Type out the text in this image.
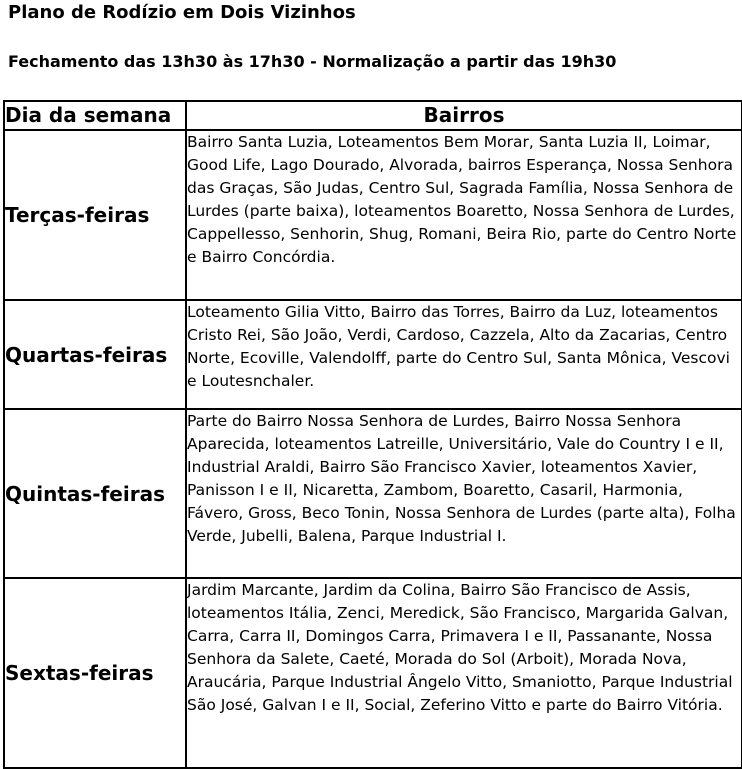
Plano de Rodízio em Dois Vizinhos
Fechamento das 13h30 às 17h30 - Normalização a partir das 19h30
Dia da semana	Bairros
Terças-feiras	Bairro Santa Luzia, Loteamentos Bem Morar, Santa Luzia II, Loimar, Good Life, Lago Dourado, Alvorada, bairros Esperança, Nossa Senhora das Graças, São Judas, Centro Sul, Sagrada Família, Nossa Senhora de Lurdes (parte baixa), loteamentos Boaretto, Nossa Senhora de Lurdes, Cappellesso, Senhorin, Shug, Romani, Beira Rio, parte do Centro Norte e Bairro Concórdia.
Quartas-feiras	Loteamento Gilia Vitto, Bairro das Torres, Bairro da Luz, loteamentos Cristo Rei, São João, Verdi, Cardoso, Cazzela, Alto da Zacarias, Centro Norte, Ecoville, Valendolff, parte do Centro Sul, Santa Mônica, Vescovi e Loutesnchaler.
Quintas-feiras	Parte do Bairro Nossa Senhora de Lurdes, Bairro Nossa Senhora Aparecida, loteamentos Latreille, Universitário, Vale do Country I e II, Industrial Araldi, Bairro São Francisco Xavier, loteamentos Xavier, Panisson I e II, Nicaretta, Zambom, Boaretto, Casaril, Harmonia, Fávero, Gross, Beco Tonin, Nossa Senhora de Lurdes (parte alta), Folha Verde, Jubelli, Balena, Parque Industrial I.
Sextas-feiras	Jardim Marcante, Jardim da Colina, Bairro São Francisco de Assis, loteamentos Itália, Zenci, Meredick, São Francisco, Margarida Galvan, Carra, Carra II, Domingos Carra, Primavera I e II, Passanante, Nossa Senhora da Salete, Caeté, Morada do Sol (Arboit), Morada Nova, Araucária, Parque Industrial Ângelo Vitto, Smaniotto, Parque Industrial São José, Galvan I e II, Social, Zeferino Vitto e parte do Bairro Vitória.
